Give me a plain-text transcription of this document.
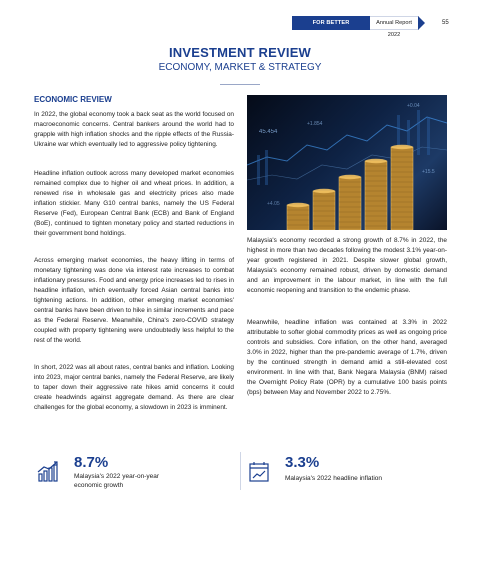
FOR BETTER PERFORMANCE
Annual Report 2022
55
INVESTMENT REVIEW
ECONOMY, MARKET & STRATEGY
ECONOMIC REVIEW

In 2022, the global economy took a back seat as the world focused on macroeconomic concerns. Central bankers around the world had to grapple with high inflation shocks and the ripple effects of the Russia-Ukraine war which eventually led to aggressive policy tightening.

Headline inflation outlook across many developed market economies remained complex due to higher oil and wheat prices. In addition, a renewed rise in wholesale gas and electricity prices also made inflation stickier. Many G10 central banks, namely the US Federal Reserve (Fed), European Central Bank (ECB) and Bank of England (BoE), continued to tighten monetary policy and started reductions in their government bond holdings.

Across emerging market economies, the heavy lifting in terms of monetary tightening was done via interest rate increases to combat inflationary pressures. Food and energy price increases led to rises in headline inflation, which eventually forced Asian central banks into tightening actions. In addition, other emerging market economies' central banks have been driven to hike in similar increments and pace as the Federal Reserve. Meanwhile, China's zero-COVID strategy coupled with property tightening were undoubtedly less helpful to the rest of the world.

In short, 2022 was all about rates, central banks and inflation. Looking into 2023, major central banks, namely the Federal Reserve, are likely to taper down their aggressive rate hikes amid concerns it could create headwinds against aggregate demand. As there are clear challenges for the global economy, a slowdown in 2023 is imminent.

45.454
+1.854
+0.04
+15.5
+4.05

Malaysia's economy recorded a strong growth of 8.7% in 2022, the highest in more than two decades following the modest 3.1% year-on-year growth registered in 2021. Despite slower global growth, Malaysia's economy remained robust, driven by domestic demand and an improvement in the labour market, in line with the full economic reopening and transition to the endemic phase.

Meanwhile, headline inflation was contained at 3.3% in 2022 attributable to softer global commodity prices as well as ongoing price controls and subsidies. Core inflation, on the other hand, averaged 3.0% in 2022, higher than the pre-pandemic average of 1.7%, driven by the continued strength in demand amid a still-elevated cost environment. In line with that, Bank Negara Malaysia (BNM) raised the Overnight Policy Rate (OPR) by a cumulative 100 basis points (bps) between May and November 2022 to 2.75%.

8.7%
Malaysia's 2022 year-on-year
economic growth
3.3%
Malaysia's 2022 headline inflation
